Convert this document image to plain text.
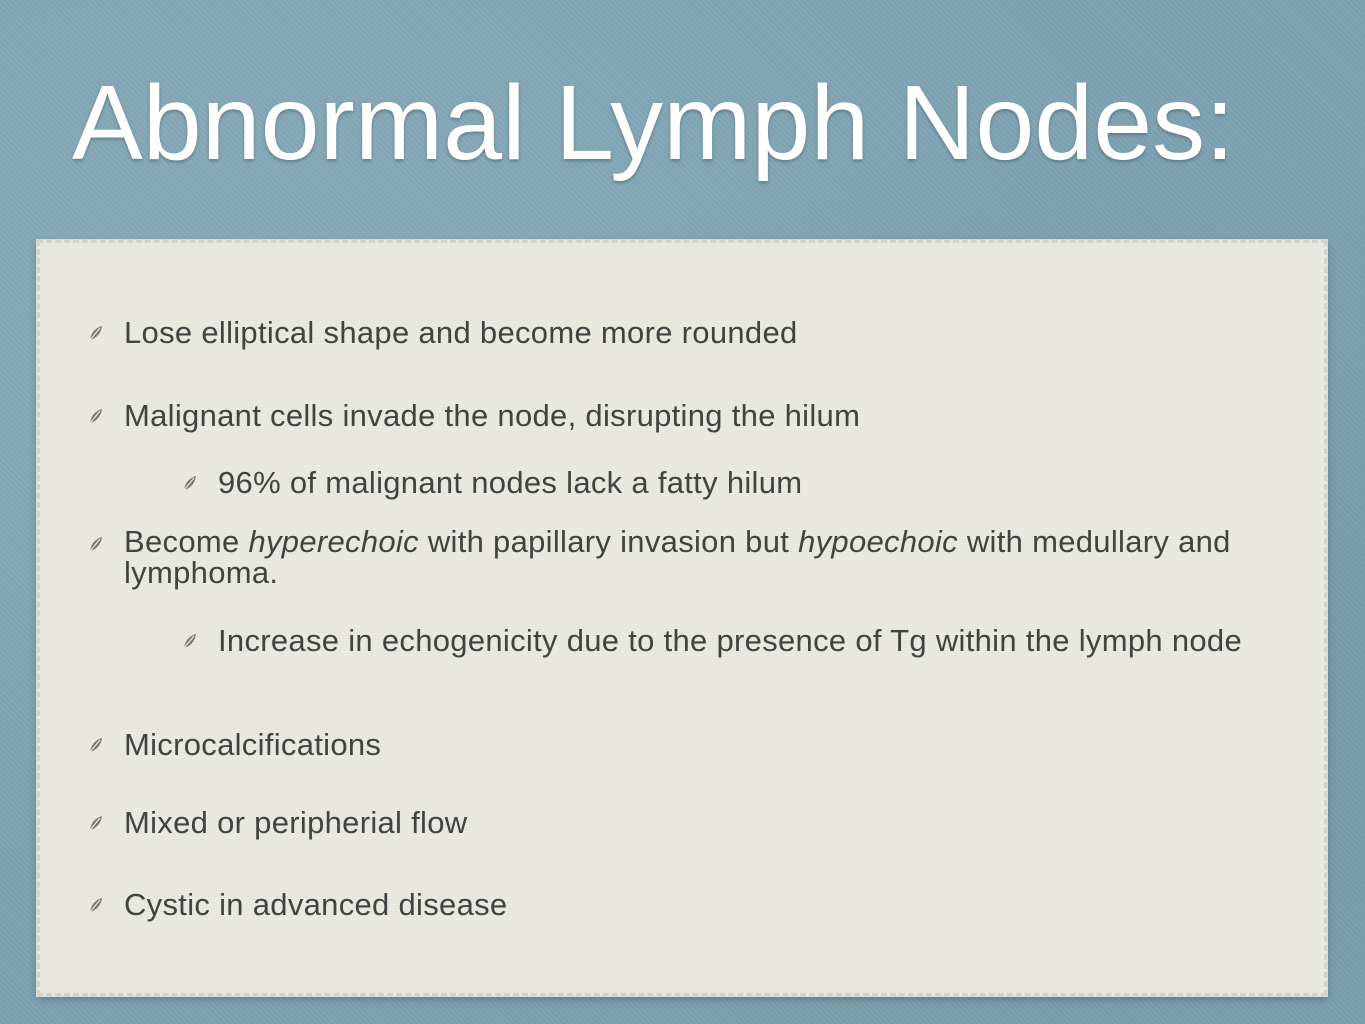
Abnormal Lymph Nodes:

Lose elliptical shape and become more rounded

Malignant cells invade the node, disrupting the hilum

96% of malignant nodes lack a fatty hilum

Become hyperechoic with papillary invasion but hypoechoic with medullary and lymphoma.

Increase in echogenicity due to the presence of Tg within the lymph node

Microcalcifications

Mixed or peripherial flow

Cystic in advanced disease
